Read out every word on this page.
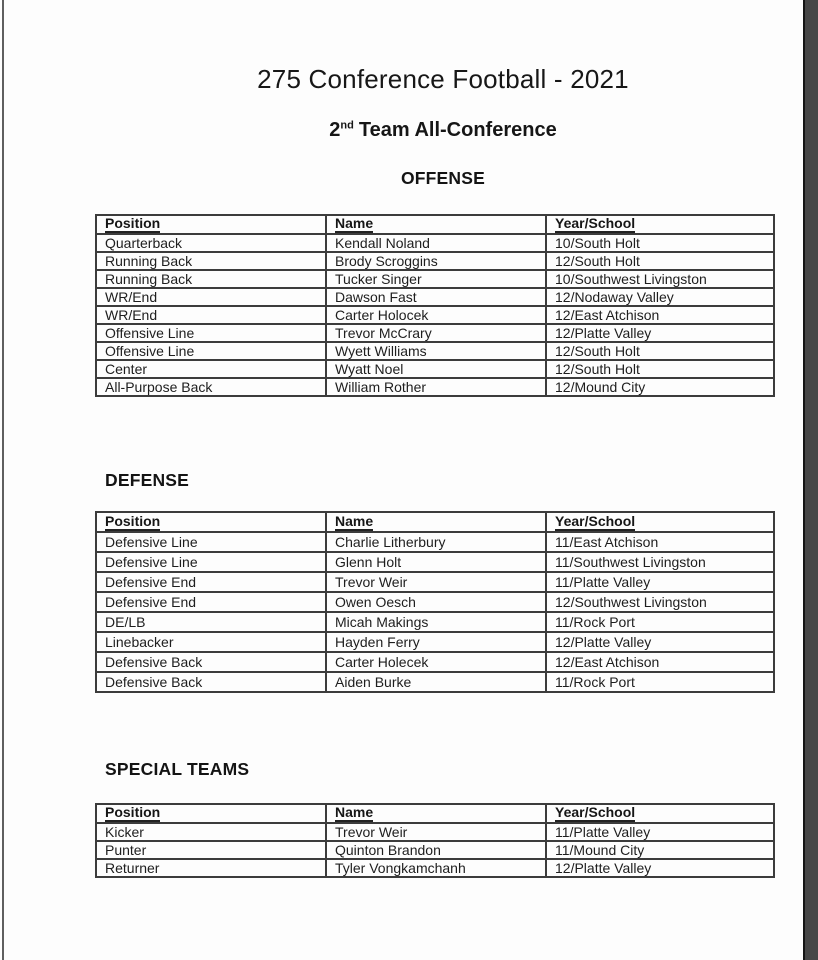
275 Conference Football - 2021
2nd Team All-Conference
OFFENSE
Position	Name	Year/School
Quarterback	Kendall Noland	10/South Holt
Running Back	Brody Scroggins	12/South Holt
Running Back	Tucker Singer	10/Southwest Livingston
WR/End	Dawson Fast	12/Nodaway Valley
WR/End	Carter Holocek	12/East Atchison
Offensive Line	Trevor McCrary	12/Platte Valley
Offensive Line	Wyett Williams	12/South Holt
Center	Wyatt Noel	12/South Holt
All-Purpose Back	William Rother	12/Mound City
DEFENSE
Position	Name	Year/School
Defensive Line	Charlie Litherbury	11/East Atchison
Defensive Line	Glenn Holt	11/Southwest Livingston
Defensive End	Trevor Weir	11/Platte Valley
Defensive End	Owen Oesch	12/Southwest Livingston
DE/LB	Micah Makings	11/Rock Port
Linebacker	Hayden Ferry	12/Platte Valley
Defensive Back	Carter Holecek	12/East Atchison
Defensive Back	Aiden Burke	11/Rock Port
SPECIAL TEAMS
Position	Name	Year/School
Kicker	Trevor Weir	11/Platte Valley
Punter	Quinton Brandon	11/Mound City
Returner	Tyler Vongkamchanh	12/Platte Valley
